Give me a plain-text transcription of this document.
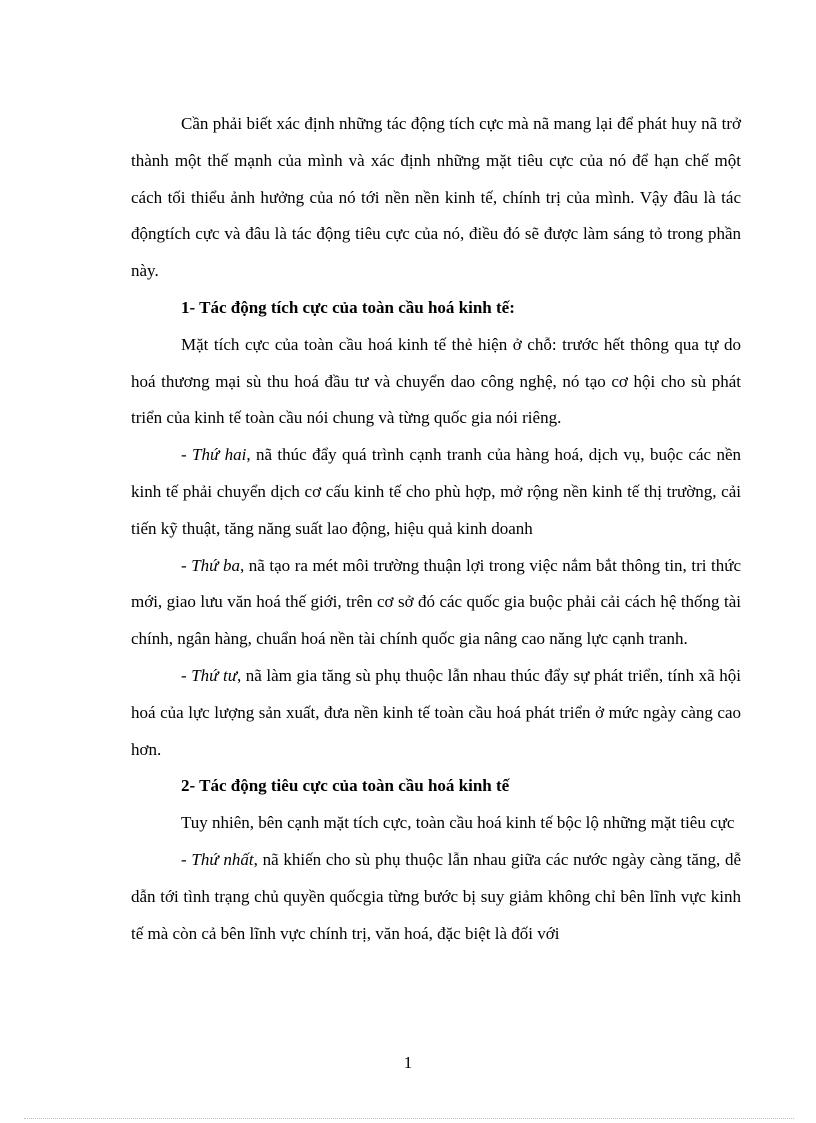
Cần phải biết xác định những tác động tích cực mà nã mang lại để phát huy nã trở thành một thế mạnh của mình và xác định những mặt tiêu cực của nó để hạn chế một cách tối thiểu ảnh hưởng của nó tới nền nền kinh tế, chính trị của mình. Vậy đâu là tác độngtích cực và đâu là tác động tiêu cực của nó, điều đó sẽ được làm sáng tỏ trong phần này.

1- Tác động tích cực của toàn cầu hoá kinh tế:

Mặt tích cực của toàn cầu hoá kinh tế thẻ hiện ở chỗ: trước hết thông qua tự do hoá thương mại sù thu hoá đầu tư và chuyển dao công nghệ, nó tạo cơ hội cho sù phát triển của kinh tế toàn cầu nói chung và từng quốc gia nói riêng.

- Thứ hai, nã thúc đẩy quá trình cạnh tranh của hàng hoá, dịch vụ, buộc các nền kinh tế phải chuyển dịch cơ cấu kinh tế cho phù hợp, mở rộng nền kinh tế thị trường, cải tiến kỹ thuật, tăng năng suất lao động, hiệu quả kinh doanh

- Thứ ba, nã tạo ra mét môi trường thuận lợi trong việc nắm bắt thông tin, tri thức mới, giao lưu văn hoá thế giới, trên cơ sở đó các quốc gia buộc phải cải cách hệ thống tài chính, ngân hàng, chuẩn hoá nền tài chính quốc gia nâng cao năng lực cạnh tranh.

- Thứ tư, nã làm gia tăng sù phụ thuộc lẫn nhau thúc đẩy sự phát triển, tính xã hội hoá của lực lượng sản xuất, đưa nền kinh tế toàn cầu hoá phát triển ở mức ngày càng cao hơn.

2- Tác động tiêu cực của toàn cầu hoá kinh tế

Tuy nhiên, bên cạnh mặt tích cực, toàn cầu hoá kinh tế bộc lộ những mặt tiêu cực

- Thứ nhất, nã khiến cho sù phụ thuộc lẫn nhau giữa các nước ngày càng tăng, dễ dẫn tới tình trạng chủ quyền quốcgia từng bước bị suy giảm không chỉ bên lĩnh vực kinh tế mà còn cả bên lĩnh vực chính trị, văn hoá, đặc biệt là đối với

1
